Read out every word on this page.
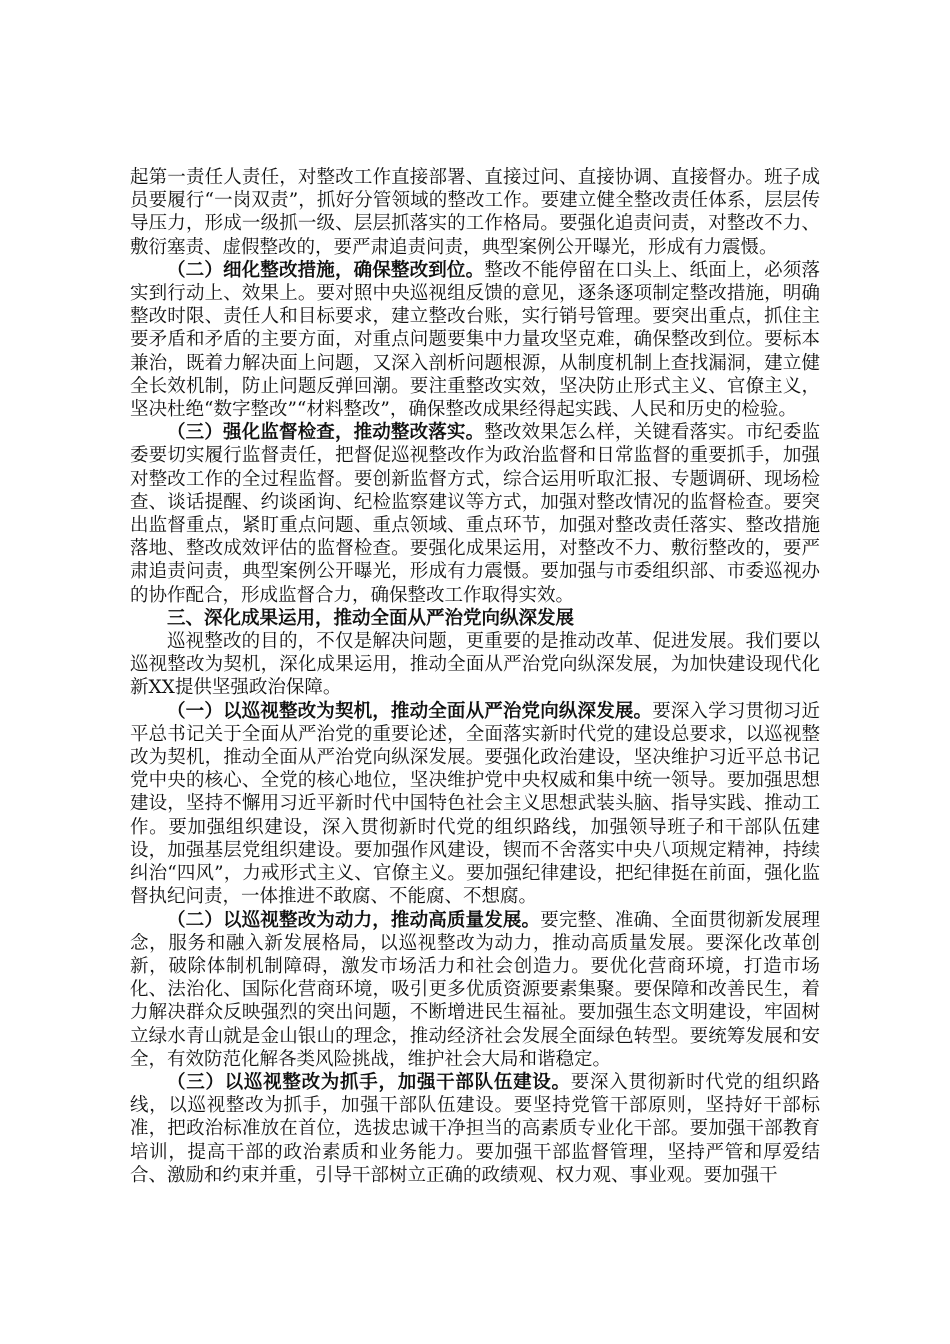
起第一责任人责任，对整改工作直接部署、直接过问、直接协调、直接督办。班子成员要履行“一岗双责”，抓好分管领域的整改工作。要建立健全整改责任体系，层层传导压力，形成一级抓一级、层层抓落实的工作格局。要强化追责问责，对整改不力、敷衍塞责、虚假整改的，要严肃追责问责，典型案例公开曝光，形成有力震慑。

（二）细化整改措施，确保整改到位。整改不能停留在口头上、纸面上，必须落实到行动上、效果上。要对照中央巡视组反馈的意见，逐条逐项制定整改措施，明确整改时限、责任人和目标要求，建立整改台账，实行销号管理。要突出重点，抓住主要矛盾和矛盾的主要方面，对重点问题要集中力量攻坚克难，确保整改到位。要标本兼治，既着力解决面上问题，又深入剖析问题根源，从制度机制上查找漏洞，建立健全长效机制，防止问题反弹回潮。要注重整改实效，坚决防止形式主义、官僚主义，坚决杜绝“数字整改”“材料整改”，确保整改成果经得起实践、人民和历史的检验。

（三）强化监督检查，推动整改落实。整改效果怎么样，关键看落实。市纪委监委要切实履行监督责任，把督促巡视整改作为政治监督和日常监督的重要抓手，加强对整改工作的全过程监督。要创新监督方式，综合运用听取汇报、专题调研、现场检查、谈话提醒、约谈函询、纪检监察建议等方式，加强对整改情况的监督检查。要突出监督重点，紧盯重点问题、重点领域、重点环节，加强对整改责任落实、整改措施落地、整改成效评估的监督检查。要强化成果运用，对整改不力、敷衍整改的，要严肃追责问责，典型案例公开曝光，形成有力震慑。要加强与市委组织部、市委巡视办的协作配合，形成监督合力，确保整改工作取得实效。

三、深化成果运用，推动全面从严治党向纵深发展

巡视整改的目的，不仅是解决问题，更重要的是推动改革、促进发展。我们要以巡视整改为契机，深化成果运用，推动全面从严治党向纵深发展，为加快建设现代化新XX提供坚强政治保障。

（一）以巡视整改为契机，推动全面从严治党向纵深发展。要深入学习贯彻习近平总书记关于全面从严治党的重要论述，全面落实新时代党的建设总要求，以巡视整改为契机，推动全面从严治党向纵深发展。要强化政治建设，坚决维护习近平总书记党中央的核心、全党的核心地位，坚决维护党中央权威和集中统一领导。要加强思想建设，坚持不懈用习近平新时代中国特色社会主义思想武装头脑、指导实践、推动工作。要加强组织建设，深入贯彻新时代党的组织路线，加强领导班子和干部队伍建设，加强基层党组织建设。要加强作风建设，锲而不舍落实中央八项规定精神，持续纠治“四风”，力戒形式主义、官僚主义。要加强纪律建设，把纪律挺在前面，强化监督执纪问责，一体推进不敢腐、不能腐、不想腐。

（二）以巡视整改为动力，推动高质量发展。要完整、准确、全面贯彻新发展理念，服务和融入新发展格局，以巡视整改为动力，推动高质量发展。要深化改革创新，破除体制机制障碍，激发市场活力和社会创造力。要优化营商环境，打造市场化、法治化、国际化营商环境，吸引更多优质资源要素集聚。要保障和改善民生，着力解决群众反映强烈的突出问题，不断增进民生福祉。要加强生态文明建设，牢固树立绿水青山就是金山银山的理念，推动经济社会发展全面绿色转型。要统筹发展和安全，有效防范化解各类风险挑战，维护社会大局和谐稳定。

（三）以巡视整改为抓手，加强干部队伍建设。要深入贯彻新时代党的组织路线，以巡视整改为抓手，加强干部队伍建设。要坚持党管干部原则，坚持好干部标准，把政治标准放在首位，选拔忠诚干净担当的高素质专业化干部。要加强干部教育培训，提高干部的政治素质和业务能力。要加强干部监督管理，坚持严管和厚爱结合、激励和约束并重，引导干部树立正确的政绩观、权力观、事业观。要加强干
